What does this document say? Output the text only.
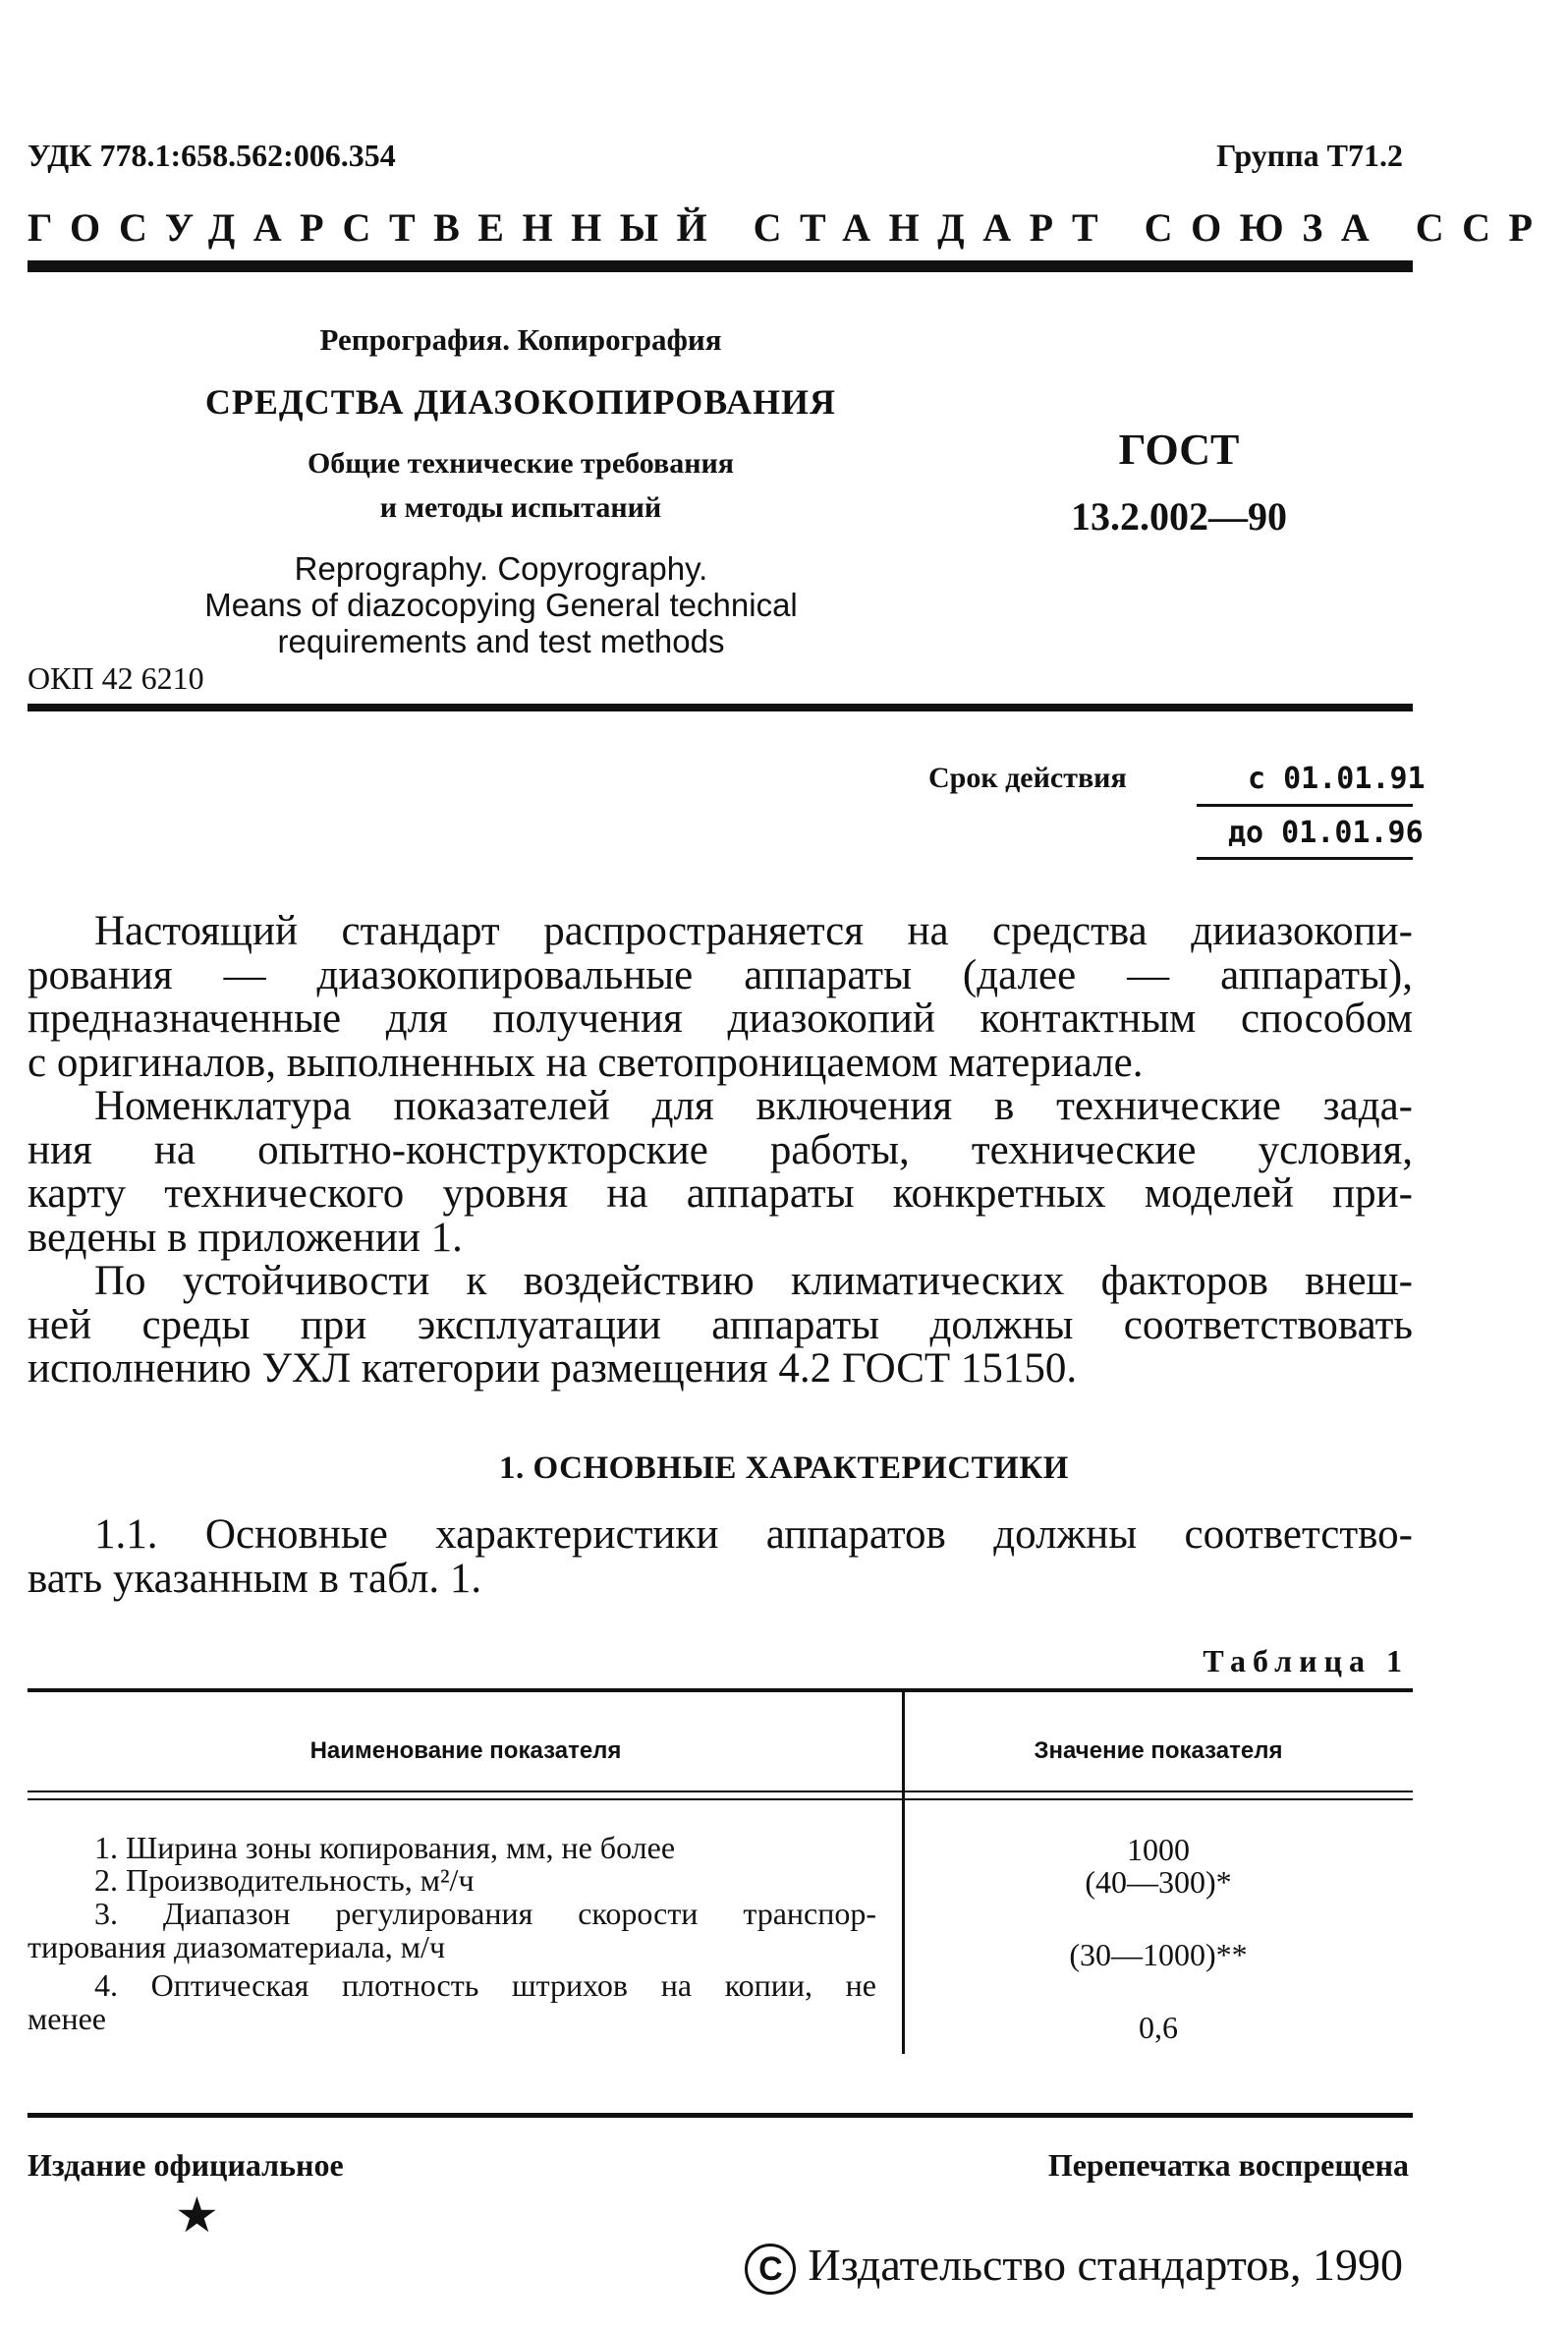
УДК 778.1:658.562:006.354	Группа Т71.2
ГОСУДАРСТВЕННЫЙ СТАНДАРТ СОЮЗА ССР
Репрография. Копирография
СРЕДСТВА ДИАЗОКОПИРОВАНИЯ
Общие технические требования
и методы испытаний
ГОСТ
13.2.002—90
Reprography. Copyrography.
Means of diazocopying General technical
requirements and test methods
ОКП 42 6210
Срок действия	с 01.01.91
до 01.01.96
Настоящий стандарт распространяется на средства дииазокопи-
рования — диазокопировальные аппараты (далее — аппараты),
предназначенные для получения диазокопий контактным способом
с оригиналов, выполненных на светопроницаемом материале.
Номенклатура показателей для включения в технические зада-
ния на опытно-конструкторские работы, технические условия,
карту технического уровня на аппараты конкретных моделей при-
ведены в приложении 1.
По устойчивости к воздействию климатических факторов внеш-
ней среды при эксплуатации аппараты должны соответствовать
исполнению УХЛ категории размещения 4.2 ГОСТ 15150.
1. ОСНОВНЫЕ ХАРАКТЕРИСТИКИ
1.1. Основные характеристики аппаратов должны соответство-
вать указанным в табл. 1.
Таблица 1
Наименование показателя	Значение показателя
1. Ширина зоны копирования, мм, не более	1000
2. Производительность, м²/ч	(40—300)*
3. Диапазон регулирования скорости транспор-
тирования диазоматериала, м/ч	(30—1000)**
4. Оптическая плотность штрихов на копии, не
менее	0,6
Издание официальное	Перепечатка воспрещена
★
C Издательство стандартов, 1990
